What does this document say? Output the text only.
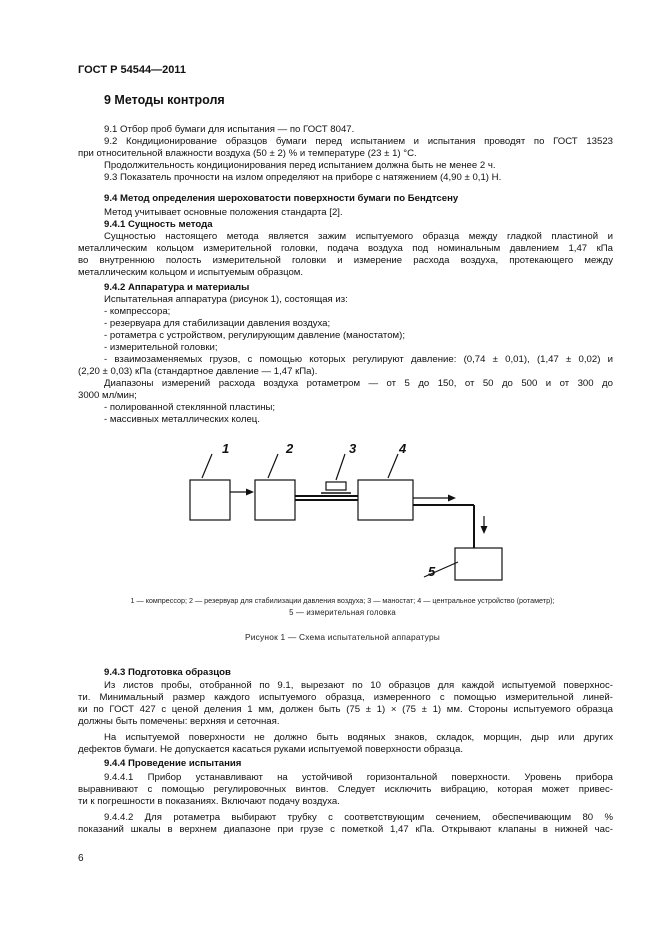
ГОСТ Р 54544—2011
9 Методы контроля
9.1 Отбор проб бумаги для испытания — по ГОСТ 8047.
9.2 Кондиционирование образцов бумаги перед испытанием и испытания проводят по ГОСТ 13523
при относительной влажности воздуха (50 ± 2) % и температуре (23 ± 1) °С.
Продолжительность кондиционирования перед испытанием должна быть не менее 2 ч.
9.3 Показатель прочности на излом определяют на приборе с натяжением (4,90 ± 0,1) Н.
9.4 Метод определения шероховатости поверхности бумаги по Бендтсену
Метод учитывает основные положения стандарта [2].
9.4.1 Сущность метода
Сущностью настоящего метода является зажим испытуемого образца между гладкой пластиной и
металлическим кольцом измерительной головки, подача воздуха под номинальным давлением 1,47 кПа
во внутреннюю полость измерительной головки и измерение расхода воздуха, протекающего между
металлическим кольцом и испытуемым образцом.
9.4.2 Аппаратура и материалы
Испытательная аппаратура (рисунок 1), состоящая из:
- компрессора;
- резервуара для стабилизации давления воздуха;
- ротаметра с устройством, регулирующим давление (маностатом);
- измерительной головки;
- взаимозаменяемых грузов, с помощью которых регулируют давление: (0,74 ± 0,01), (1,47 ± 0,02) и
(2,20 ± 0,03) кПа (стандартное давление — 1,47 кПа).
Диапазоны измерений расхода воздуха ротаметром — от 5 до 150, от 50 до 500 и от 300 до
3000 мл/мин;
- полированной стеклянной пластины;
- массивных металлических колец.
1	2	3	4
5
1 — компрессор; 2 — резервуар для стабилизации давления воздуха; 3 — маностат; 4 — центральное устройство (ротаметр);
5 — измерительная головка
Рисунок 1 — Схема испытательной аппаратуры
9.4.3 Подготовка образцов
Из листов пробы, отобранной по 9.1, вырезают по 10 образцов для каждой испытуемой поверхнос-
ти. Минимальный размер каждого испытуемого образца, измеренного с помощью измерительной линей-
ки по ГОСТ 427 с ценой деления 1 мм, должен быть (75 ± 1) × (75 ± 1) мм. Стороны испытуемого образца
должны быть помечены: верхняя и сеточная.
На испытуемой поверхности не должно быть водяных знаков, складок, морщин, дыр или других
дефектов бумаги. Не допускается касаться руками испытуемой поверхности образца.
9.4.4 Проведение испытания
9.4.4.1 Прибор устанавливают на устойчивой горизонтальной поверхности. Уровень прибора
выравнивают с помощью регулировочных винтов. Следует исключить вибрацию, которая может привес-
ти к погрешности в показаниях. Включают подачу воздуха.
9.4.4.2 Для ротаметра выбирают трубку с соответствующим сечением, обеспечивающим 80 %
показаний шкалы в верхнем диапазоне при грузе с пометкой 1,47 кПа. Открывают клапаны в нижней час-
6
